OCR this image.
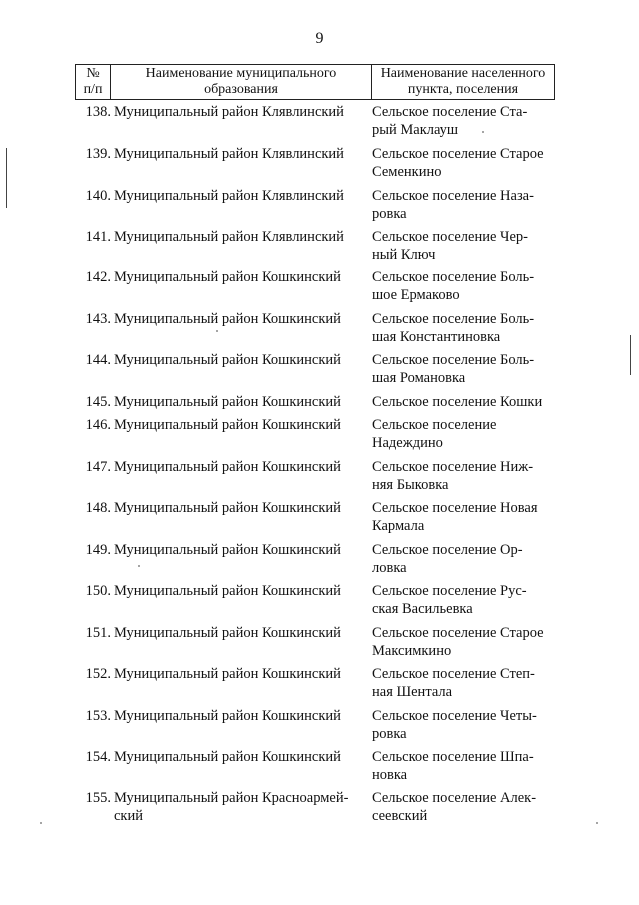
9
№
п/п

Наименование муниципального
образования

Наименование населенного
пункта, поселения
138. Муниципальный район Клявлинский	Сельское поселение Ста-
рый Маклауш
139. Муниципальный район Клявлинский	Сельское поселение Старое
Семенкино
140. Муниципальный район Клявлинский	Сельское поселение Наза-
ровка
141. Муниципальный район Клявлинский	Сельское поселение Чер-
ный Ключ
142. Муниципальный район Кошкинский	Сельское поселение Боль-
шое Ермаково
143. Муниципальный район Кошкинский	Сельское поселение Боль-
шая Константиновка
144. Муниципальный район Кошкинский	Сельское поселение Боль-
шая Романовка
145. Муниципальный район Кошкинский	Сельское поселение Кошки
146. Муниципальный район Кошкинский	Сельское поселение
Надеждино
147. Муниципальный район Кошкинский	Сельское поселение Ниж-
няя Быковка
148. Муниципальный район Кошкинский	Сельское поселение Новая
Кармала
149. Муниципальный район Кошкинский	Сельское поселение Ор-
ловка
150. Муниципальный район Кошкинский	Сельское поселение Рус-
ская Васильевка
151. Муниципальный район Кошкинский	Сельское поселение Старое
Максимкино
152. Муниципальный район Кошкинский	Сельское поселение Степ-
ная Шентала
153. Муниципальный район Кошкинский	Сельское поселение Четы-
ровка
154. Муниципальный район Кошкинский	Сельское поселение Шпа-
новка
155. Муниципальный район Красноармей-
ский
Сельское поселение Алек-
сеевский
